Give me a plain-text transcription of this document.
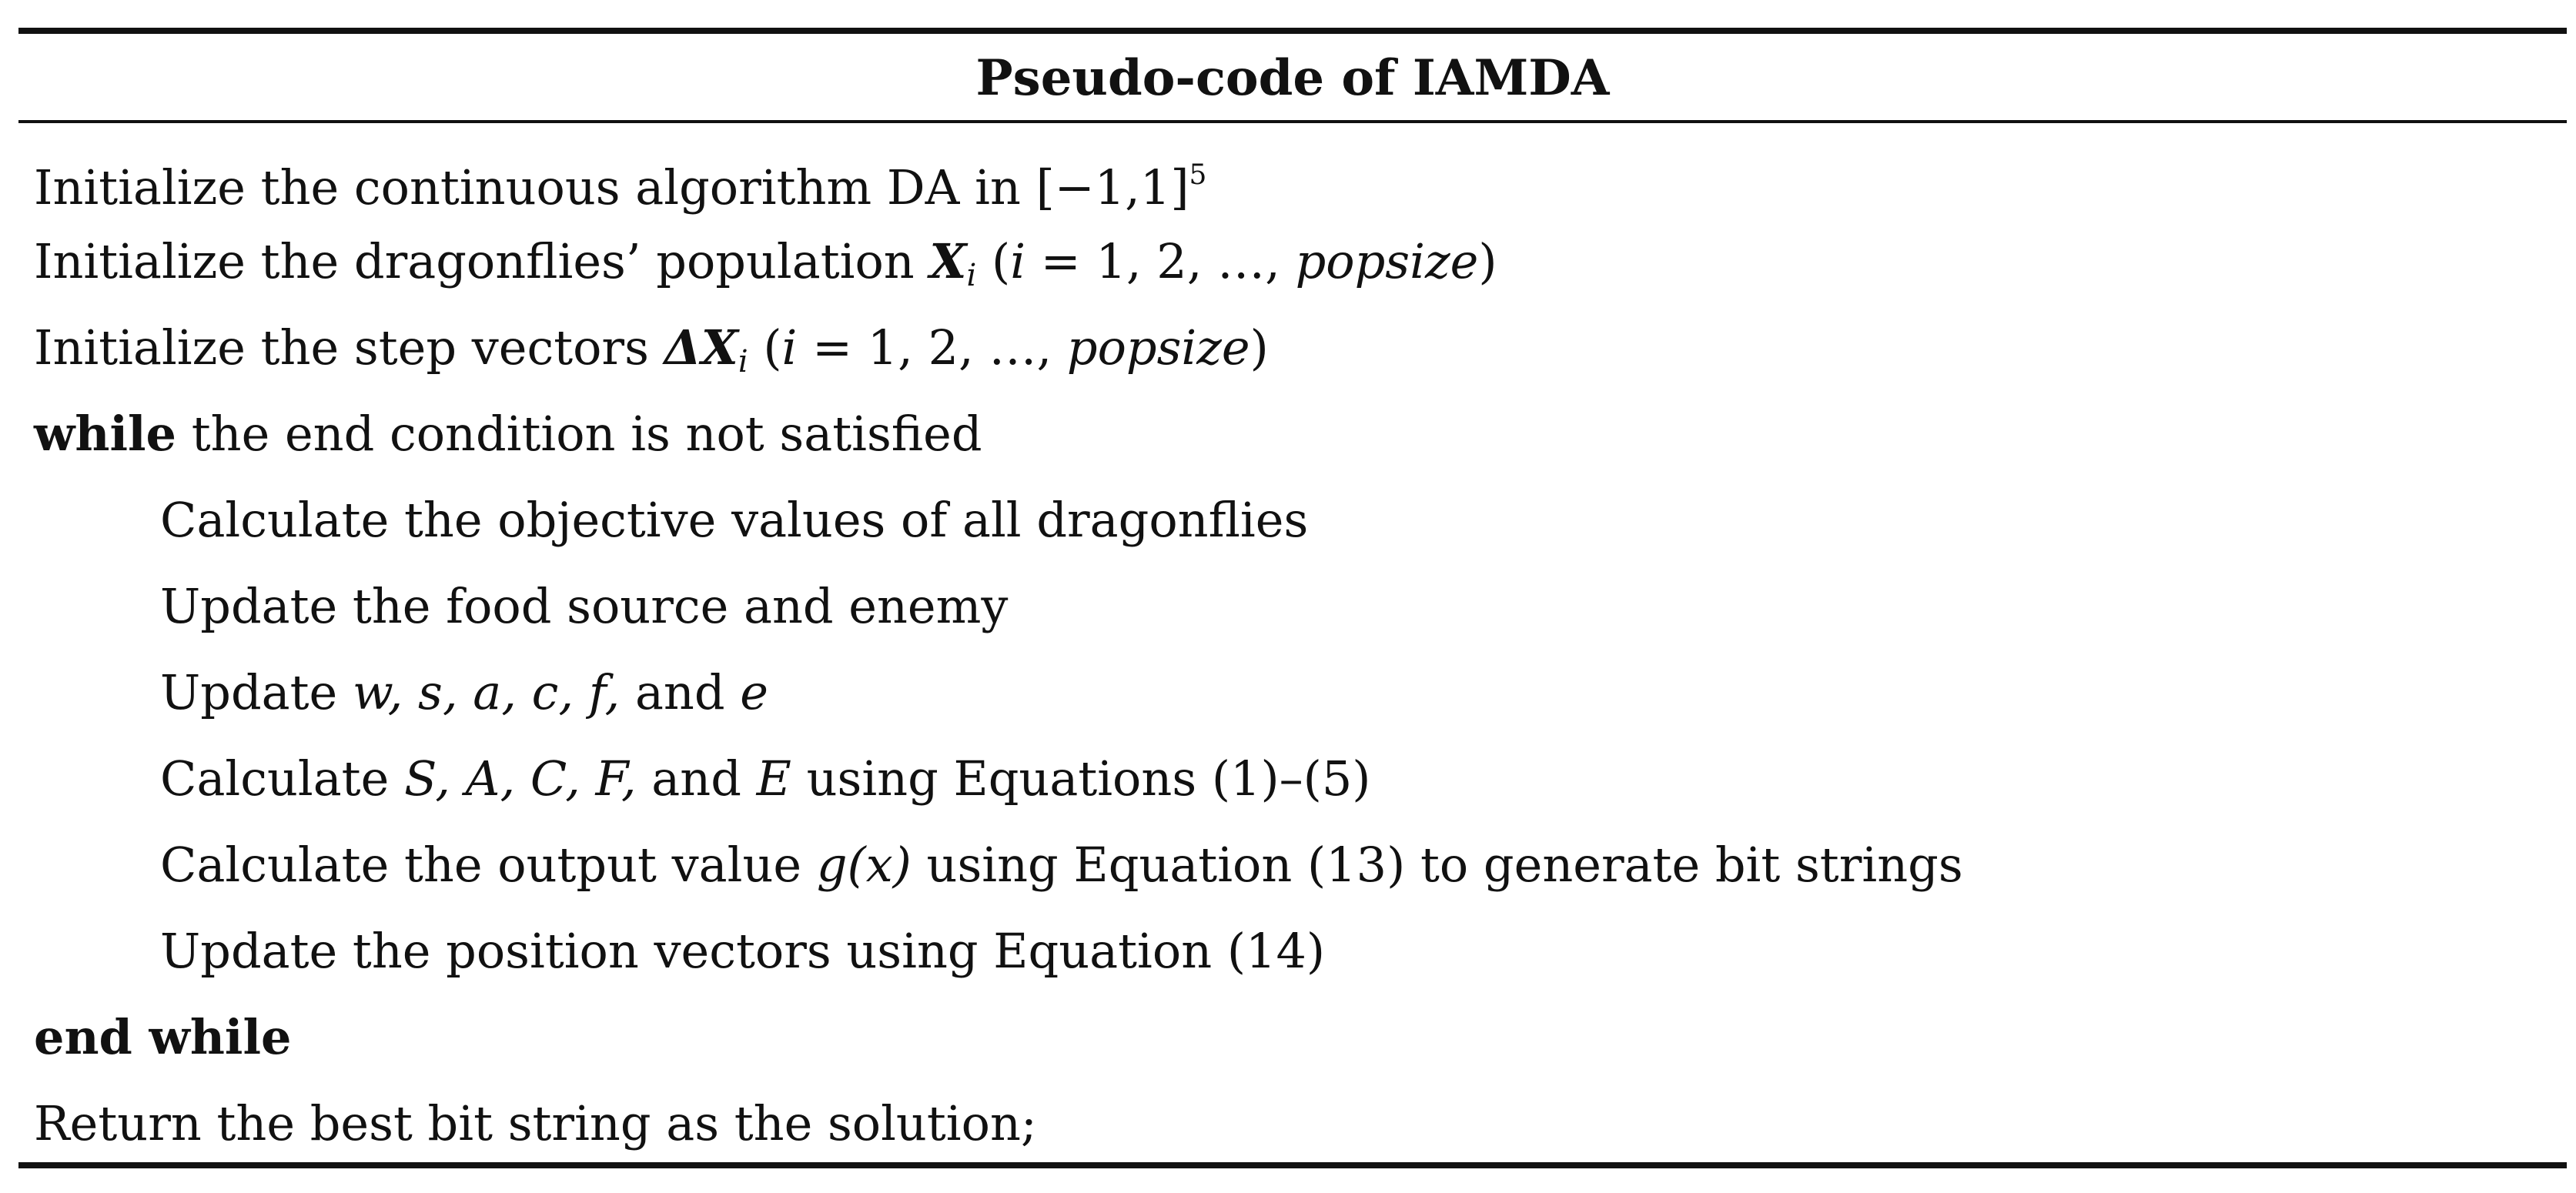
Pseudo-code of IAMDA
Initialize the continuous algorithm DA in $[-1,1]^5$
Initialize the dragonflies’ population $X_i$ (i = 1, 2, …, popsize)
Initialize the step vectors $\Delta X_i$ (i = 1, 2, …, popsize)
while the end condition is not satisfied
Calculate the objective values of all dragonflies
Update the food source and enemy
Update w, s, a, c, f, and e
Calculate S, A, C, F, and E using Equations (1)–(5)
Calculate the output value g(x) using Equation (13) to generate bit strings
Update the position vectors using Equation (14)
end while
Return the best bit string as the solution;
